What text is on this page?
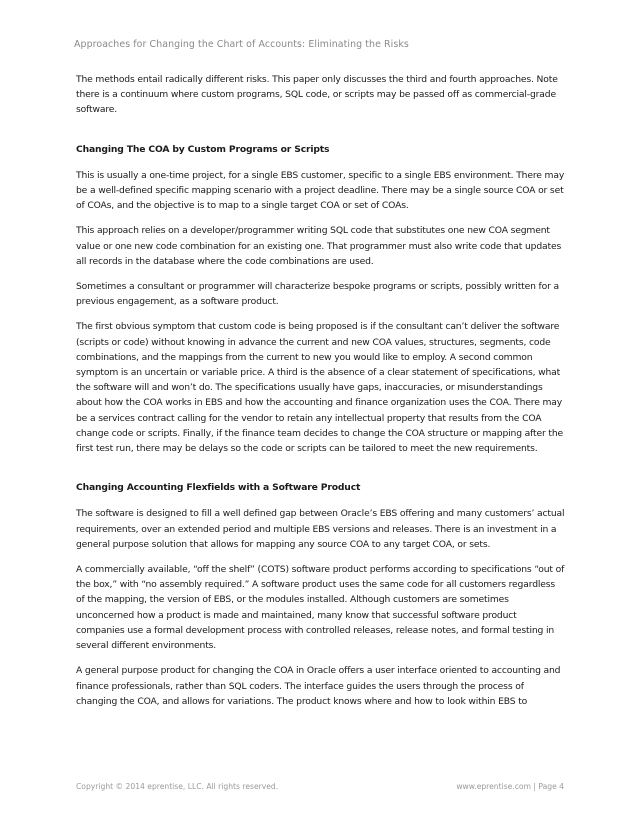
Approaches for Changing the Chart of Accounts: Eliminating the Risks

The methods entail radically different risks. This paper only discusses the third and fourth approaches. Note there is a continuum where custom programs, SQL code, or scripts may be passed off as commercial-grade software.

Changing The COA by Custom Programs or Scripts

This is usually a one-time project, for a single EBS customer, specific to a single EBS environment. There may be a well-defined specific mapping scenario with a project deadline. There may be a single source COA or set of COAs, and the objective is to map to a single target COA or set of COAs.

This approach relies on a developer/programmer writing SQL code that substitutes one new COA segment value or one new code combination for an existing one. That programmer must also write code that updates all records in the database where the code combinations are used.

Sometimes a consultant or programmer will characterize bespoke programs or scripts, possibly written for a previous engagement, as a software product.

The first obvious symptom that custom code is being proposed is if the consultant can’t deliver the software (scripts or code) without knowing in advance the current and new COA values, structures, segments, code combinations, and the mappings from the current to new you would like to employ. A second common symptom is an uncertain or variable price. A third is the absence of a clear statement of specifications, what the software will and won’t do. The specifications usually have gaps, inaccuracies, or misunderstandings about how the COA works in EBS and how the accounting and finance organization uses the COA. There may be a services contract calling for the vendor to retain any intellectual property that results from the COA change code or scripts. Finally, if the finance team decides to change the COA structure or mapping after the first test run, there may be delays so the code or scripts can be tailored to meet the new requirements.

Changing Accounting Flexfields with a Software Product

The software is designed to fill a well defined gap between Oracle’s EBS offering and many customers’ actual requirements, over an extended period and multiple EBS versions and releases. There is an investment in a general purpose solution that allows for mapping any source COA to any target COA, or sets.

A commercially available, “off the shelf” (COTS) software product performs according to specifications “out of the box,” with “no assembly required.” A software product uses the same code for all customers regardless of the mapping, the version of EBS, or the modules installed. Although customers are sometimes unconcerned how a product is made and maintained, many know that successful software product companies use a formal development process with controlled releases, release notes, and formal testing in several different environments.

A general purpose product for changing the COA in Oracle offers a user interface oriented to accounting and finance professionals, rather than SQL coders. The interface guides the users through the process of changing the COA, and allows for variations. The product knows where and how to look within EBS to

Copyright © 2014 eprentise, LLC. All rights reserved.	www.eprentise.com | Page 4
